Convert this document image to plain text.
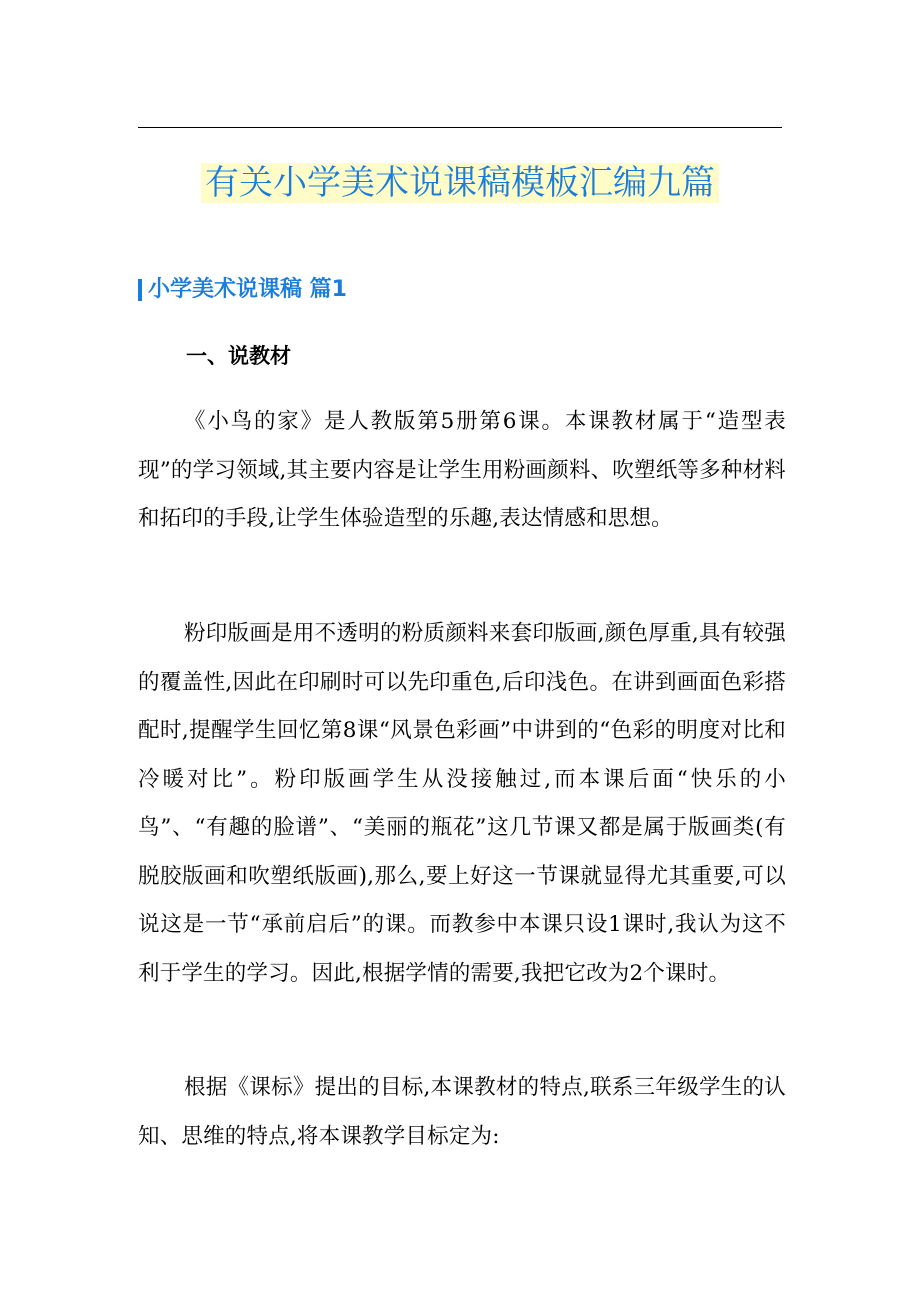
有关小学美术说课稿模板汇编九篇
小学美术说课稿 篇1
一、说教材

《小鸟的家》是人教版第5册第6课。本课教材属于“造型表现”的学习领域,其主要内容是让学生用粉画颜料、吹塑纸等多种材料和拓印的手段,让学生体验造型的乐趣,表达情感和思想。

粉印版画是用不透明的粉质颜料来套印版画,颜色厚重,具有较强的覆盖性,因此在印刷时可以先印重色,后印浅色。在讲到画面色彩搭配时,提醒学生回忆第8课“风景色彩画”中讲到的“色彩的明度对比和冷暖对比”。粉印版画学生从没接触过,而本课后面“快乐的小鸟”、“有趣的脸谱”、“美丽的瓶花”这几节课又都是属于版画类(有脱胶版画和吹塑纸版画),那么,要上好这一节课就显得尤其重要,可以说这是一节“承前启后”的课。而教参中本课只设1课时,我认为这不利于学生的学习。因此,根据学情的需要,我把它改为2个课时。

根据《课标》提出的目标,本课教材的特点,联系三年级学生的认知、思维的特点,将本课教学目标定为:
